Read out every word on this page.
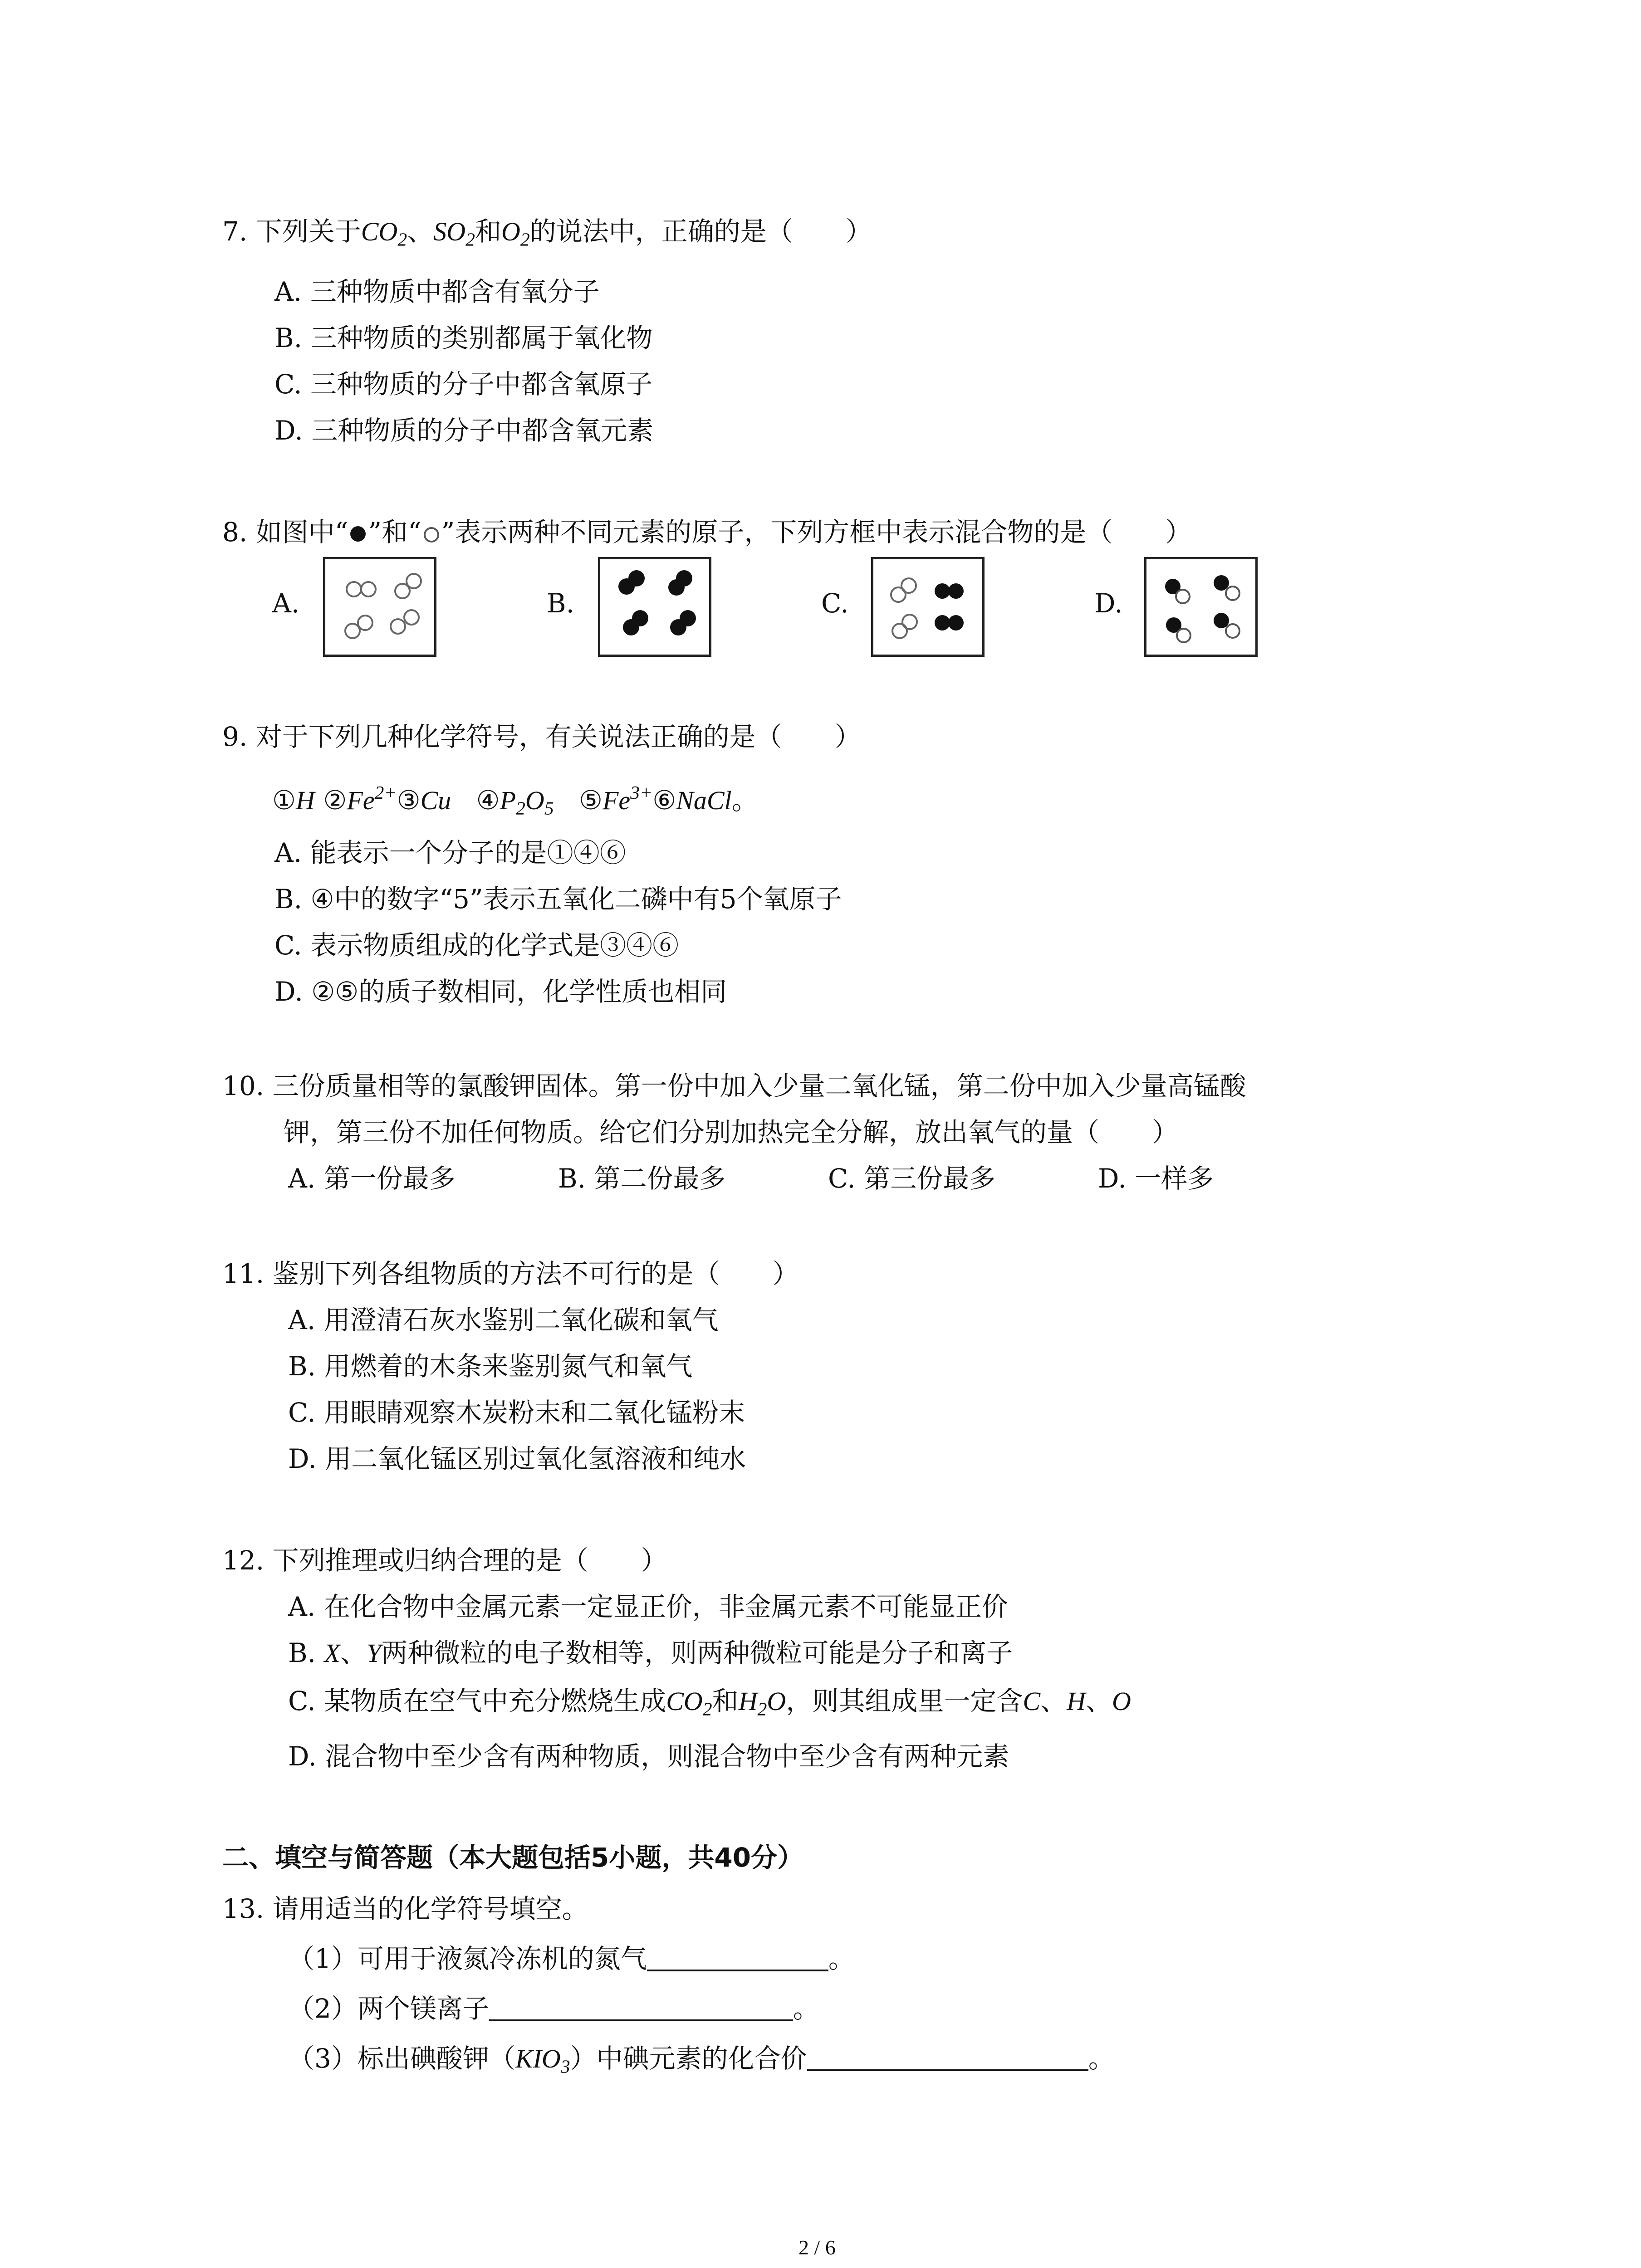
7. 下列关于$CO_2$、$SO_2$和$O_2$的说法中，正确的是（　　）
A. 三种物质中都含有氧分子
B. 三种物质的类别都属于氧化物
C. 三种物质的分子中都含氧原子
D. 三种物质的分子中都含氧元素
8. 如图中“ ”和“ ”表示两种不同元素的原子，下列方框中表示混合物的是（　　）
A.	B.	C.	D.
9. 对于下列几种化学符号，有关说法正确的是（　　）
①H $②Fe^{2+}③Cu$ $④P_2O_5$ $⑤Fe^{3+}⑥NaCl$。
A. 能表示一个分子的是①④⑥
B. ④中的数字“5”表示五氧化二磷中有5个氧原子
C. 表示物质组成的化学式是③④⑥
D. ②⑤的质子数相同，化学性质也相同
10. 三份质量相等的氯酸钾固体。第一份中加入少量二氧化锰，第二份中加入少量高锰酸
钾，第三份不加任何物质。给它们分别加热完全分解，放出氧气的量（　　）
A. 第一份最多	B. 第二份最多	C. 第三份最多	D. 一样多
11. 鉴别下列各组物质的方法不可行的是（　　）
A. 用澄清石灰水鉴别二氧化碳和氧气
B. 用燃着的木条来鉴别氮气和氧气
C. 用眼睛观察木炭粉末和二氧化锰粉末
D. 用二氧化锰区别过氧化氢溶液和纯水
12. 下列推理或归纳合理的是（　　）
A. 在化合物中金属元素一定显正价，非金属元素不可能显正价
B. X、Y两种微粒的电子数相等，则两种微粒可能是分子和离子
C. 某物质在空气中充分燃烧生成$CO_2$和$H_2O$，则其组成里一定含C、H、O
D. 混合物中至少含有两种物质，则混合物中至少含有两种元素
二、填空与简答题（本大题包括5小题，共40分）
13. 请用适当的化学符号填空。
（1）可用于液氮冷冻机的氮气	。
（2）两个镁离子	。
（3）标出碘酸钾$(KIO_3)$中碘元素的化合价	。
2 / 6
